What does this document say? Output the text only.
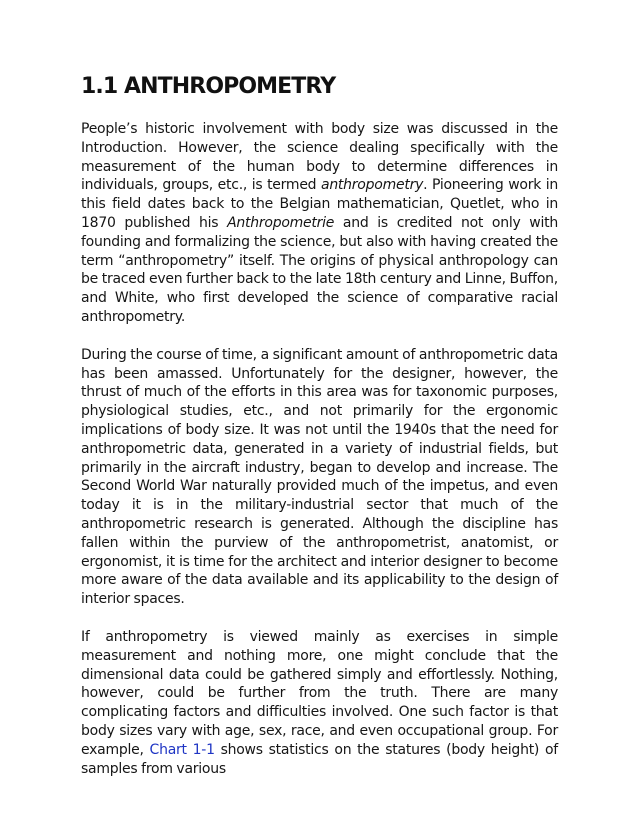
1.1 ANTHROPOMETRY

People’s historic involvement with body size was discussed in the Introduction. However, the science dealing specifically with the measurement of the human body to determine differences in individuals, groups, etc., is termed anthropometry. Pioneering work in this field dates back to the Belgian mathematician, Quetlet, who in 1870 published his Anthropometrie and is credited not only with founding and formalizing the science, but also with having created the term “anthropometry” itself. The origins of physical anthropology can be traced even further back to the late 18th century and Linne, Buffon, and White, who first developed the science of comparative racial anthropometry.

During the course of time, a significant amount of anthropometric data has been amassed. Unfortunately for the designer, however, the thrust of much of the efforts in this area was for taxonomic purposes, physiological studies, etc., and not primarily for the ergonomic implications of body size. It was not until the 1940s that the need for anthropometric data, generated in a variety of industrial fields, but primarily in the aircraft industry, began to develop and increase. The Second World War naturally provided much of the impetus, and even today it is in the military-industrial sector that much of the anthropometric research is generated. Although the discipline has fallen within the purview of the anthropometrist, anatomist, or ergonomist, it is time for the architect and interior designer to become more aware of the data available and its applicability to the design of interior spaces.

If anthropometry is viewed mainly as exercises in simple measurement and nothing more, one might conclude that the dimensional data could be gathered simply and effortlessly. Nothing, however, could be further from the truth. There are many complicating factors and difficulties involved. One such factor is that body sizes vary with age, sex, race, and even occupational group. For example, Chart 1-1 shows statistics on the statures (body height) of samples from various
